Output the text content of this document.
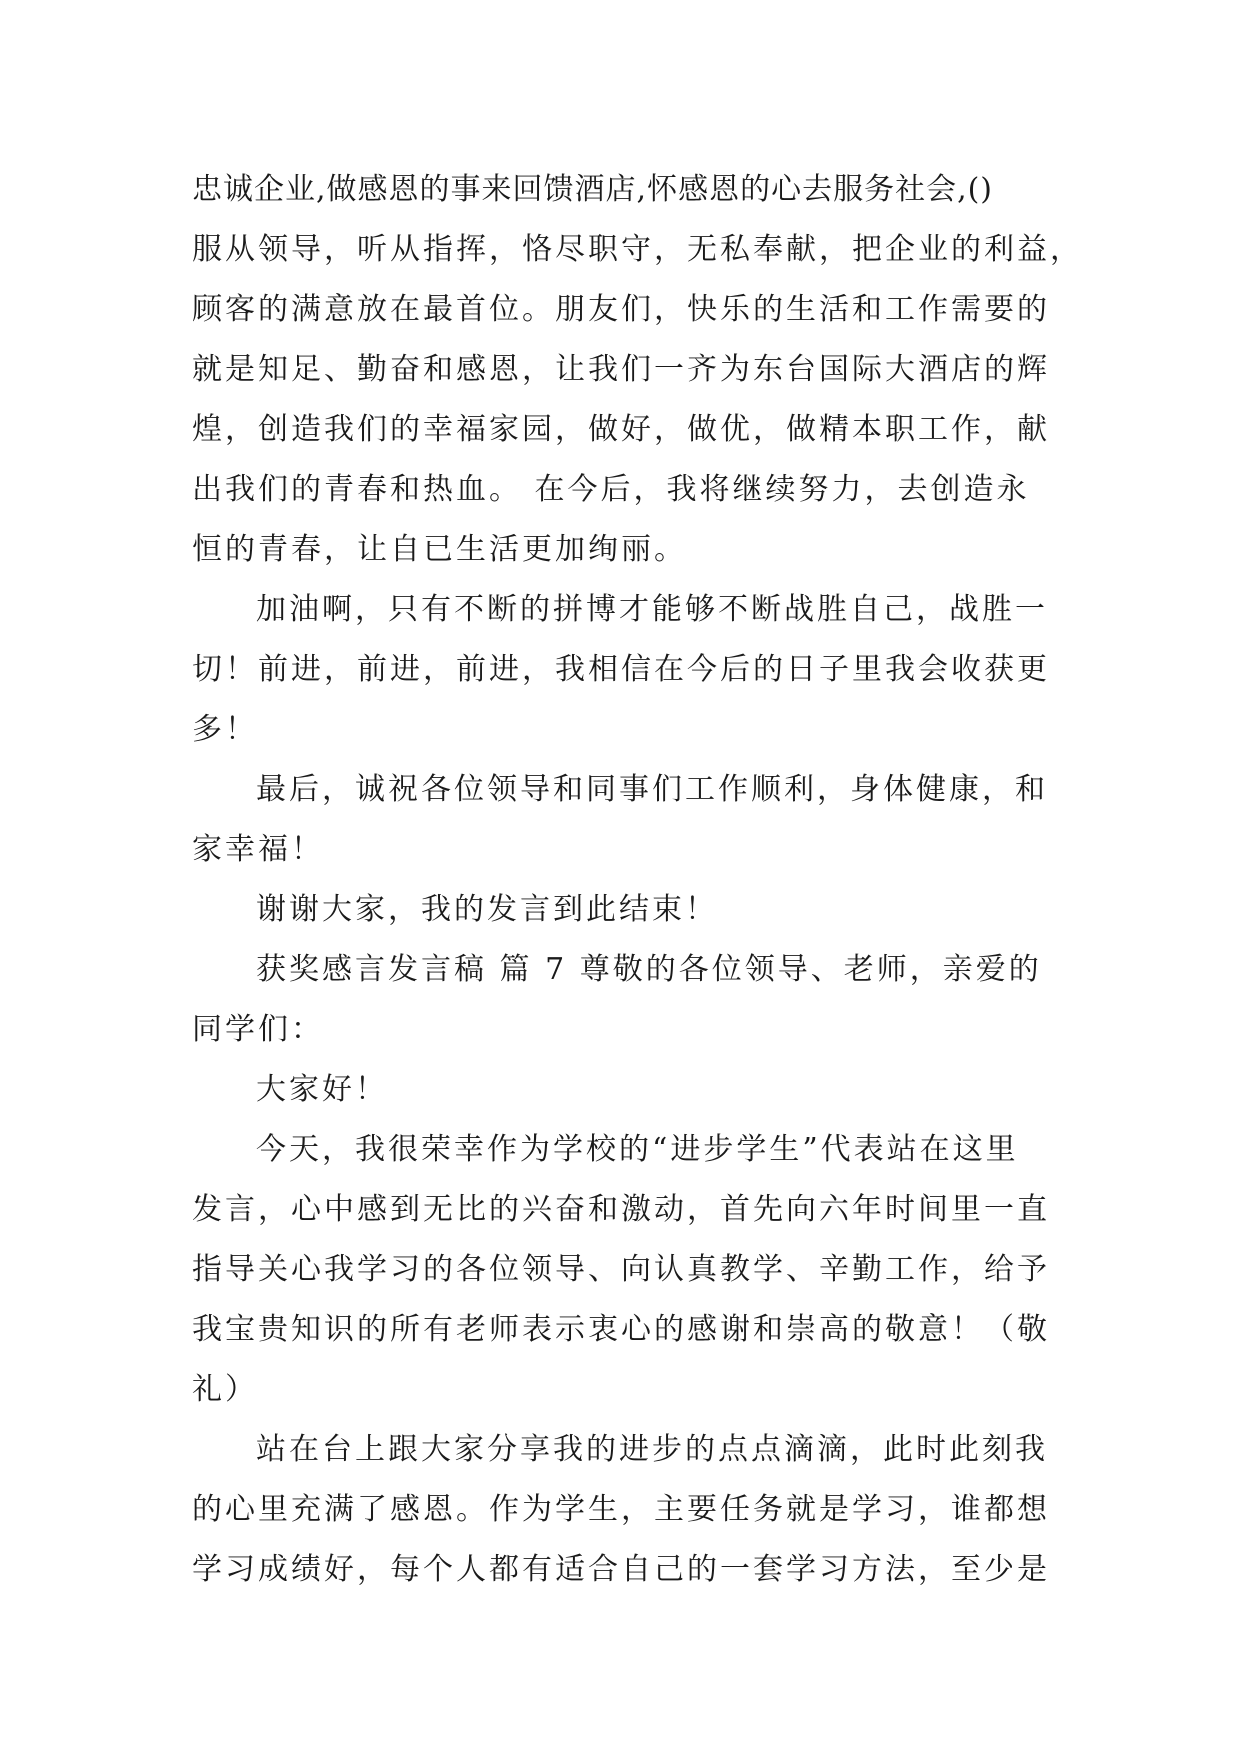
忠诚企业,做感恩的事来回馈酒店,怀感恩的心去服务社会,()
服从领导，听从指挥，恪尽职守，无私奉献，把企业的利益，
顾客的满意放在最首位。朋友们，快乐的生活和工作需要的
就是知足、勤奋和感恩，让我们一齐为东台国际大酒店的辉
煌，创造我们的幸福家园，做好，做优，做精本职工作，献
出我们的青春和热血。 在今后，我将继续努力，去创造永
恒的青春，让自已生活更加绚丽。
加油啊，只有不断的拼博才能够不断战胜自己，战胜一
切！前进，前进，前进，我相信在今后的日子里我会收获更
多！
最后，诚祝各位领导和同事们工作顺利，身体健康，和
家幸福！
谢谢大家，我的发言到此结束！
获奖感言发言稿 篇 7 尊敬的各位领导、老师，亲爱的
同学们：
大家好！
今天，我很荣幸作为学校的“进步学生”代表站在这里
发言，心中感到无比的兴奋和激动，首先向六年时间里一直
指导关心我学习的各位领导、向认真教学、辛勤工作，给予
我宝贵知识的所有老师表示衷心的感谢和崇高的敬意！（敬
礼）
站在台上跟大家分享我的进步的点点滴滴，此时此刻我
的心里充满了感恩。作为学生，主要任务就是学习，谁都想
学习成绩好，每个人都有适合自己的一套学习方法，至少是
